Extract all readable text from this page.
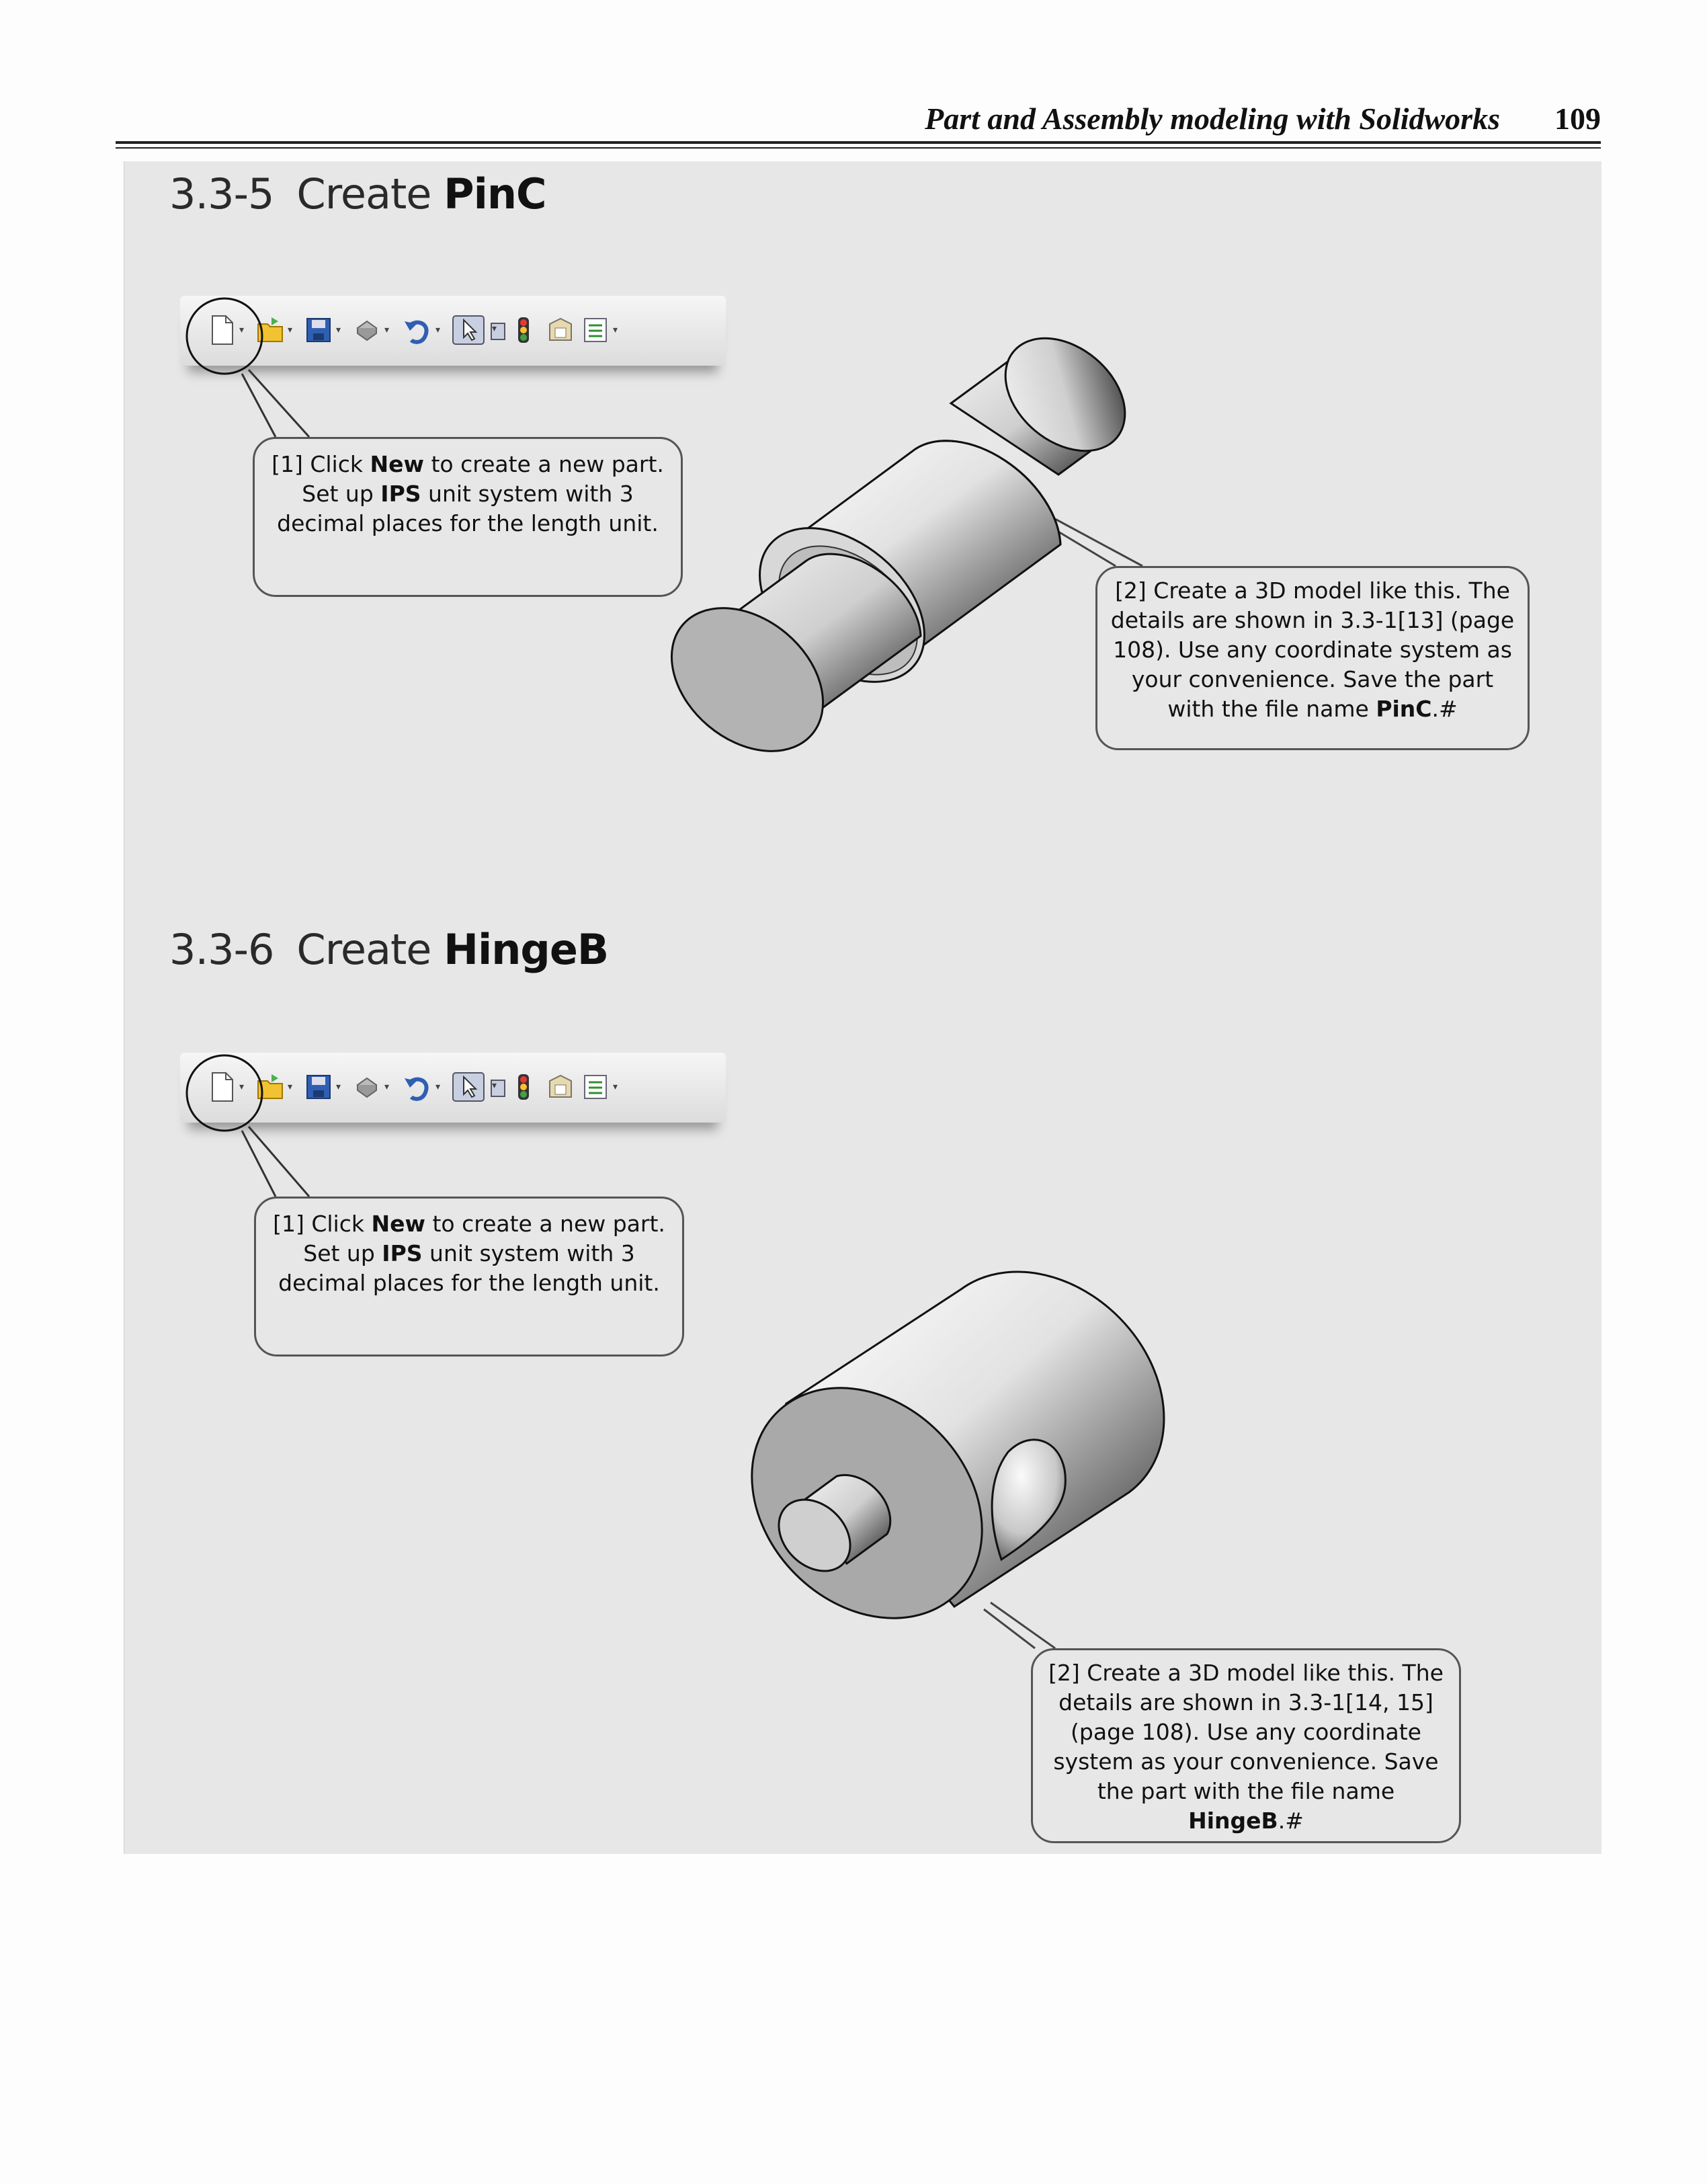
Part and Assembly modeling with Solidworks 109
3.3-5 Create PinC
▾	▾	▾	▾	▾	▾	▾
[1] Click New to create a new part. Set up IPS unit system with 3 decimal places for the length unit.
[2] Create a 3D model like this. The details are shown in 3.3-1[13] (page 108). Use any coordinate system as your convenience. Save the part with the file name PinC.#
3.3-6 Create HingeB
▾	▾	▾	▾	▾	▾	▾
[1] Click New to create a new part. Set up IPS unit system with 3 decimal places for the length unit.
[2] Create a 3D model like this. The details are shown in 3.3-1[14, 15] (page 108). Use any coordinate system as your convenience. Save the part with the file name HingeB.#
